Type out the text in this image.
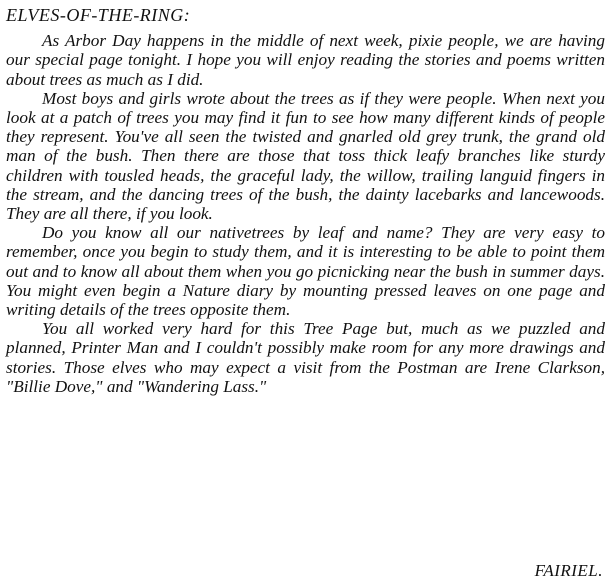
ELVES-OF-THE-RING:

As Arbor Day happens in the middle of next week, pixie people, we are having our special page tonight. I hope you will enjoy reading the stories and poems written about trees as much as I did.

Most boys and girls wrote about the trees as if they were people. When next you look at a patch of trees you may find it fun to see how many different kinds of people they represent. You've all seen the twisted and gnarled old grey trunk, the grand old man of the bush. Then there are those that toss thick leafy branches like sturdy children with tousled heads, the graceful lady, the willow, trailing languid fingers in the stream, and the dancing trees of the bush, the dainty lacebarks and lancewoods. They are all there, if you look.

Do you know all our nativetrees by leaf and name? They are very easy to remember, once you begin to study them, and it is interesting to be able to point them out and to know all about them when you go picnicking near the bush in summer days. You might even begin a Nature diary by mounting pressed leaves on one page and writing details of the trees opposite them.

You all worked very hard for this Tree Page but, much as we puzzled and planned, Printer Man and I couldn't possibly make room for any more drawings and stories. Those elves who may expect a visit from the Postman are Irene Clarkson, "Billie Dove," and "Wandering Lass."

FAIRIEL.
